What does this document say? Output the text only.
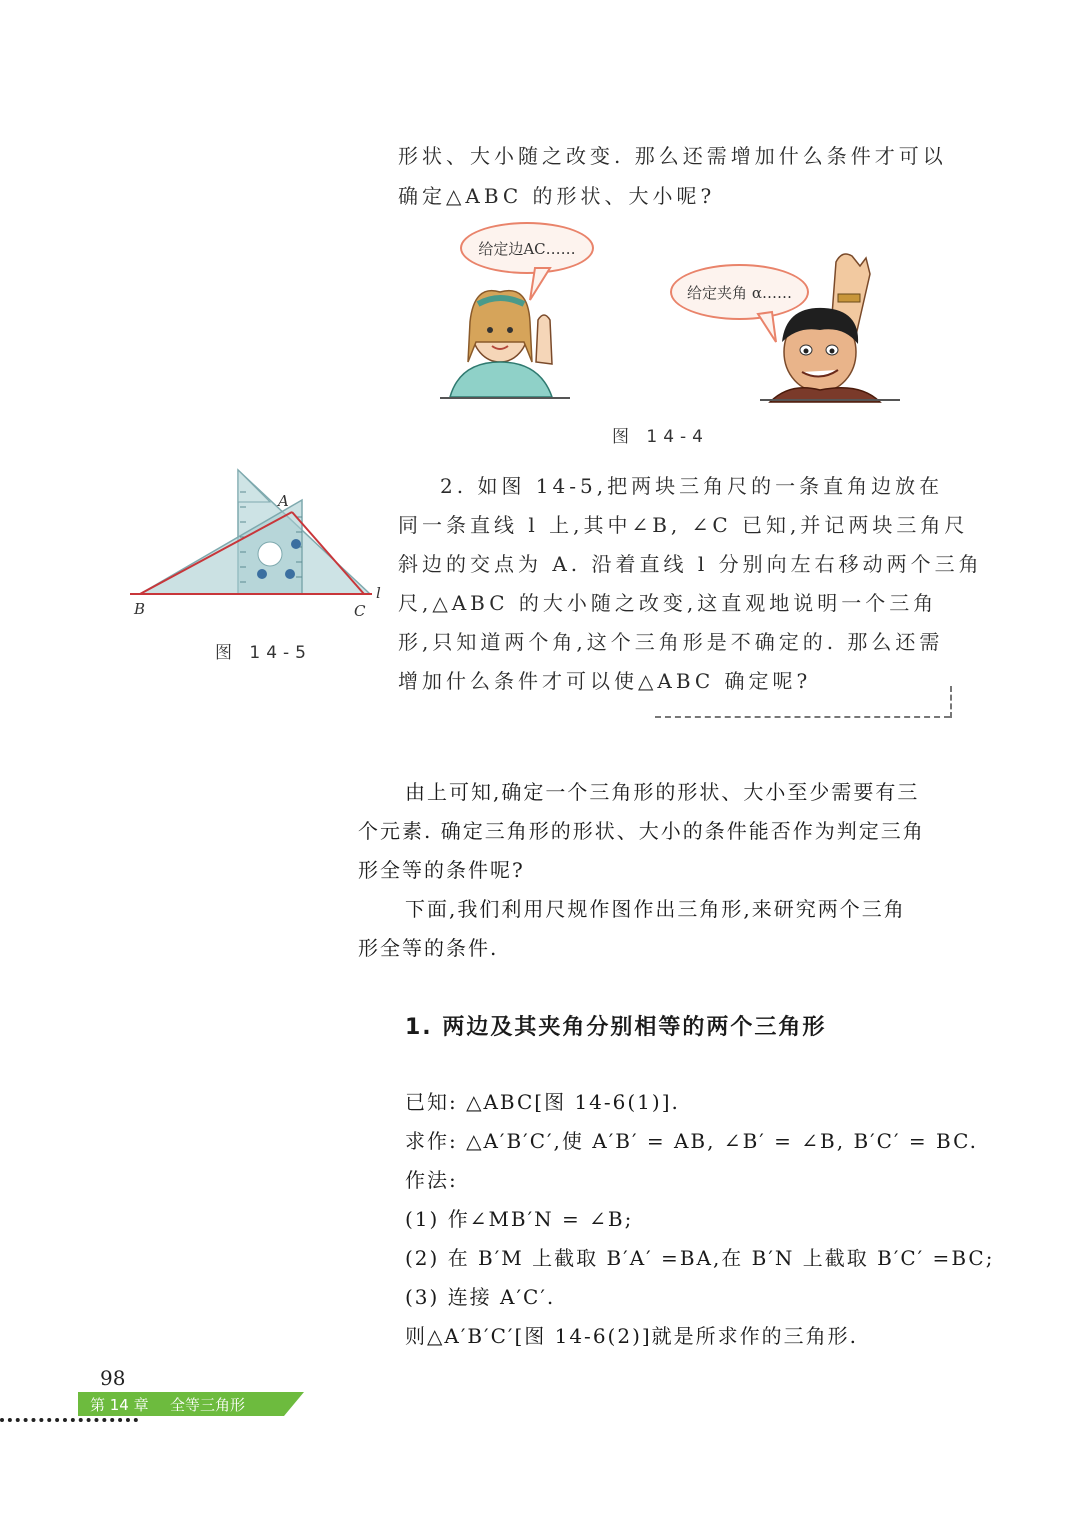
形状、大小随之改变. 那么还需增加什么条件才可以
确定△ABC 的形状、大小呢?
给定边AC……
给定夹角 α……
图 14-4
A
B	C
l
图 14-5
2. 如图 14-5,把两块三角尺的一条直角边放在
同一条直线 l 上,其中∠B, ∠C 已知,并记两块三角尺
斜边的交点为 A. 沿着直线 l 分别向左右移动两个三角
尺,△ABC 的大小随之改变,这直观地说明一个三角
形,只知道两个角,这个三角形是不确定的. 那么还需
增加什么条件才可以使△ABC 确定呢?
由上可知,确定一个三角形的形状、大小至少需要有三
个元素. 确定三角形的形状、大小的条件能否作为判定三角
形全等的条件呢?
下面,我们利用尺规作图作出三角形,来研究两个三角
形全等的条件.
1. 两边及其夹角分别相等的两个三角形
已知: △ABC[图 14-6(1)].
求作: △A′B′C′,使 A′B′ = AB, ∠B′ = ∠B, B′C′ = BC.
作法:
(1) 作∠MB′N = ∠B;
(2) 在 B′M 上截取 B′A′ =BA,在 B′N 上截取 B′C′ =BC;
(3) 连接 A′C′.
则△A′B′C′[图 14-6(2)]就是所求作的三角形.
98
第 14 章 全等三角形
